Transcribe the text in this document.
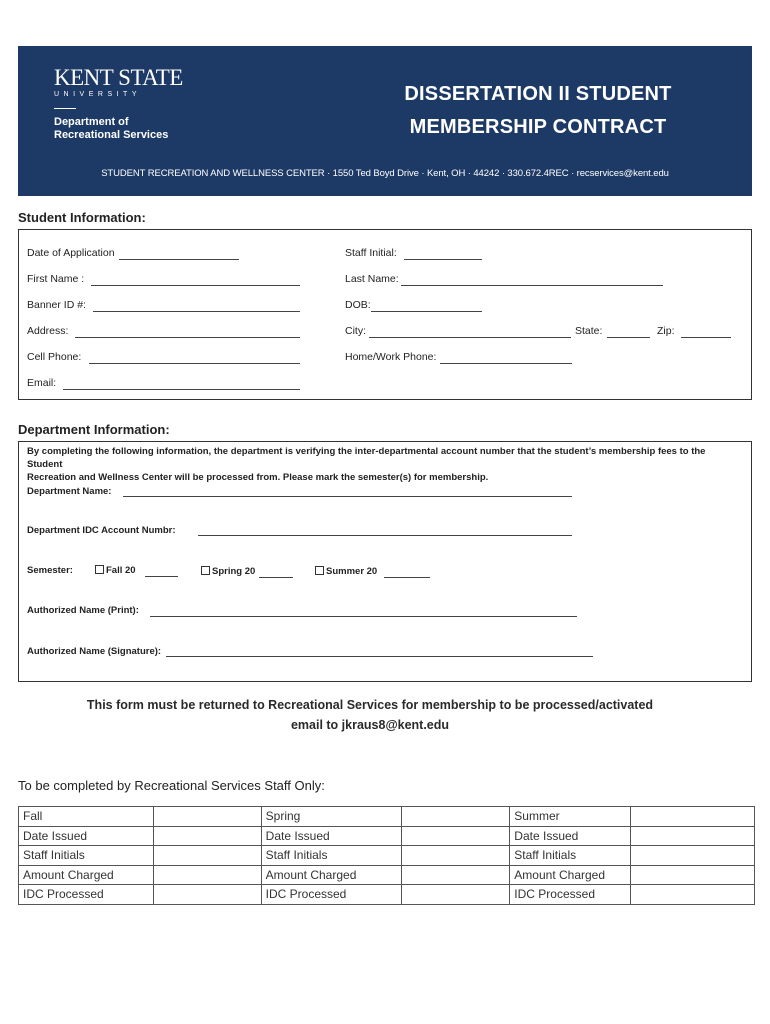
KENT STATE
UNIVERSITY
Department of
Recreational Services
DISSERTATION II STUDENT
MEMBERSHIP CONTRACT
STUDENT RECREATION AND WELLNESS CENTER · 1550 Ted Boyd Drive · Kent, OH · 44242 · 330.672.4REC · recservices@kent.edu
Student Information:
Date of Application	Staff Initial:
First Name :	Last Name:
Banner ID #:	DOB:
Address:	City:	State:	Zip:
Cell Phone:	Home/Work Phone:
Email:
Department Information:
By completing the following information, the department is verifying the inter-departmental account number that the student’s membership fees to the Student
Recreation and Wellness Center will be processed from. Please mark the semester(s) for membership.
Department Name:
Department IDC Account Numbr:
Semester:	Fall 20	Spring 20	Summer 20
Authorized Name (Print):
Authorized Name (Signature):
This form must be returned to Recreational Services for membership to be processed/activated
email to jkraus8@kent.edu
To be completed by Recreational Services Staff Only:
Fall		Spring		Summer	
Date Issued		Date Issued		Date Issued	
Staff Initials		Staff Initials		Staff Initials	
Amount Charged		Amount Charged		Amount Charged	
IDC Processed		IDC Processed		IDC Processed	
